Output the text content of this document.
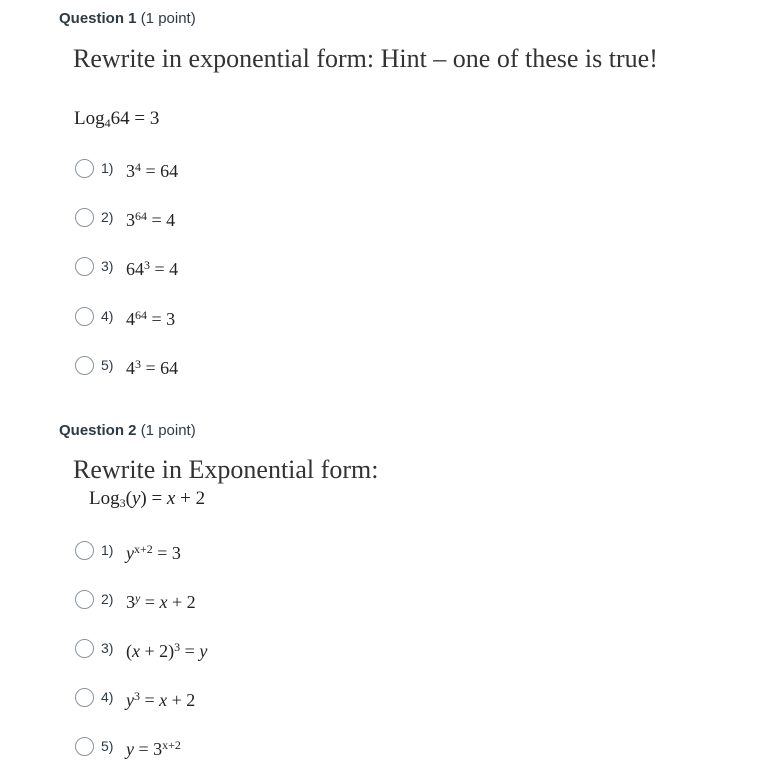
Question 1 (1 point)
Rewrite in exponential form: Hint – one of these is true!
Log$_4$64 = 3
1) $3^4 = 64$
2) $3^{64} = 4$
3) $64^3 = 4$
4) $4^{64} = 3$
5) $4^3 = 64$
Question 2 (1 point)
Rewrite in Exponential form:
Log$_3$(y) = x + 2
1) $y^{x+2} = 3$
2) $3^y = x + 2$
3) $(x + 2)^3 = y$
4) $y^3 = x + 2$
5) $y = 3^{x+2}$
